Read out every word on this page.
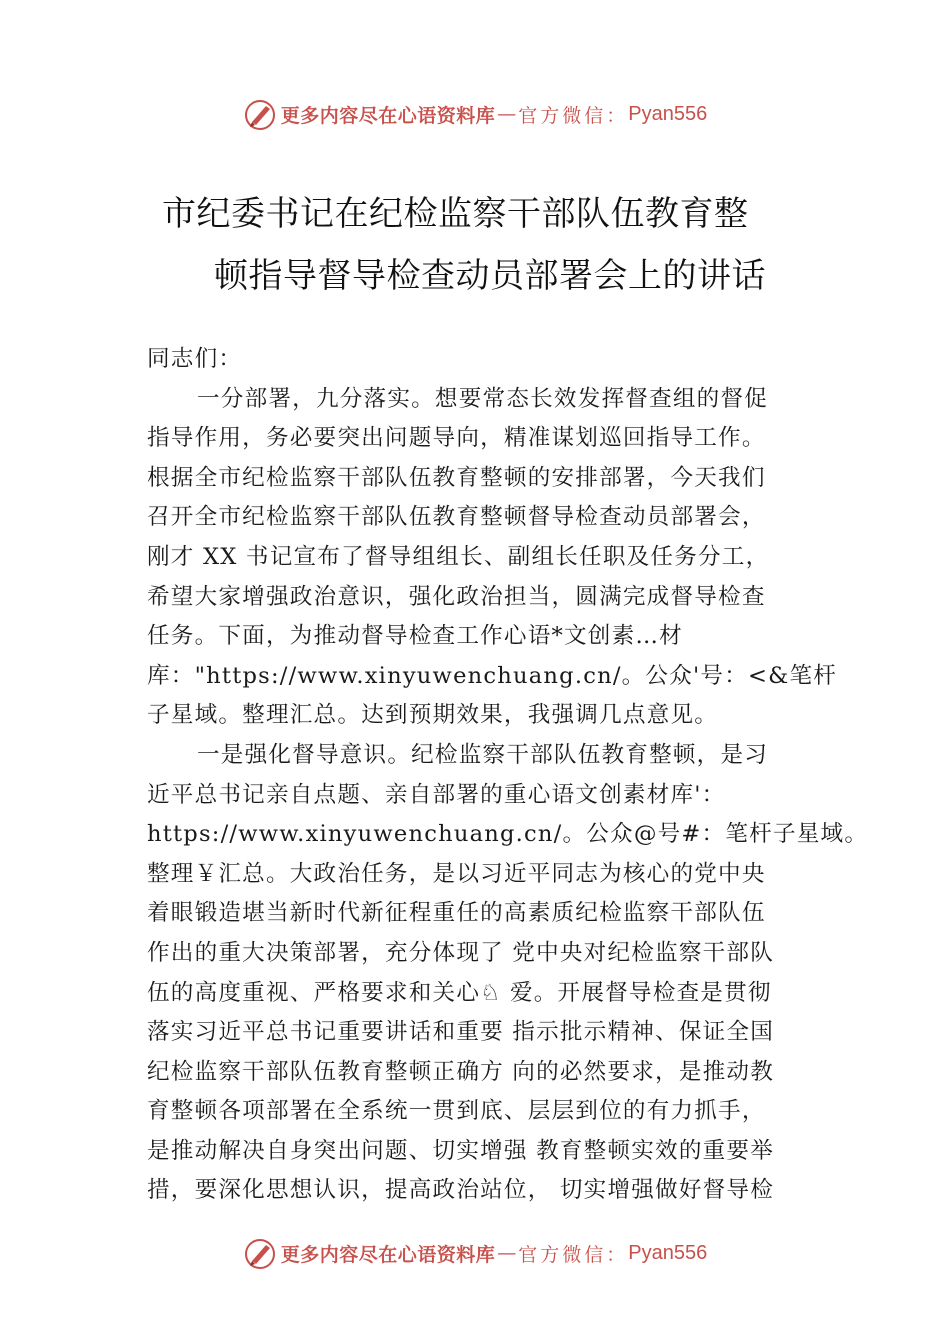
更多内容尽在心语资料库 — 官方微信： Pyan556
市纪委书记在纪检监察干部队伍教育整
顿指导督导检查动员部署会上的讲话
同志们：
一分部署，九分落实。想要常态长效发挥督查组的督促
指导作用，务必要突出问题导向，精准谋划巡回指导工作。
根据全市纪检监察干部队伍教育整顿的安排部署，今天我们
召开全市纪检监察干部队伍教育整顿督导检查动员部署会，
刚才 XX 书记宣布了督导组组长、副组长任职及任务分工，
希望大家增强政治意识，强化政治担当，圆满完成督导检查
任务。下面，为推动督导检查工作心语*文创素…材
库："https://www.xinyuwenchuang.cn/。公众'号：<&笔杆
子星域。整理汇总。达到预期效果，我强调几点意见。
一是强化督导意识。纪检监察干部队伍教育整顿，是习
近平总书记亲自点题、亲自部署的重心语文创素材库'：
https://www.xinyuwenchuang.cn/。公众@号#：笔杆子星域。
整理￥汇总。大政治任务，是以习近平同志为核心的党中央
着眼锻造堪当新时代新征程重任的高素质纪检监察干部队伍
作出的重大决策部署，充分体现了 党中央对纪检监察干部队
伍的高度重视、严格要求和关心♘ 爱。开展督导检查是贯彻
落实习近平总书记重要讲话和重要 指示批示精神、保证全国
纪检监察干部队伍教育整顿正确方 向的必然要求，是推动教
育整顿各项部署在全系统一贯到底、层层到位的有力抓手，
是推动解决自身突出问题、切实增强 教育整顿实效的重要举
措，要深化思想认识，提高政治站位， 切实增强做好督导检
更多内容尽在心语资料库 — 官方微信： Pyan556
